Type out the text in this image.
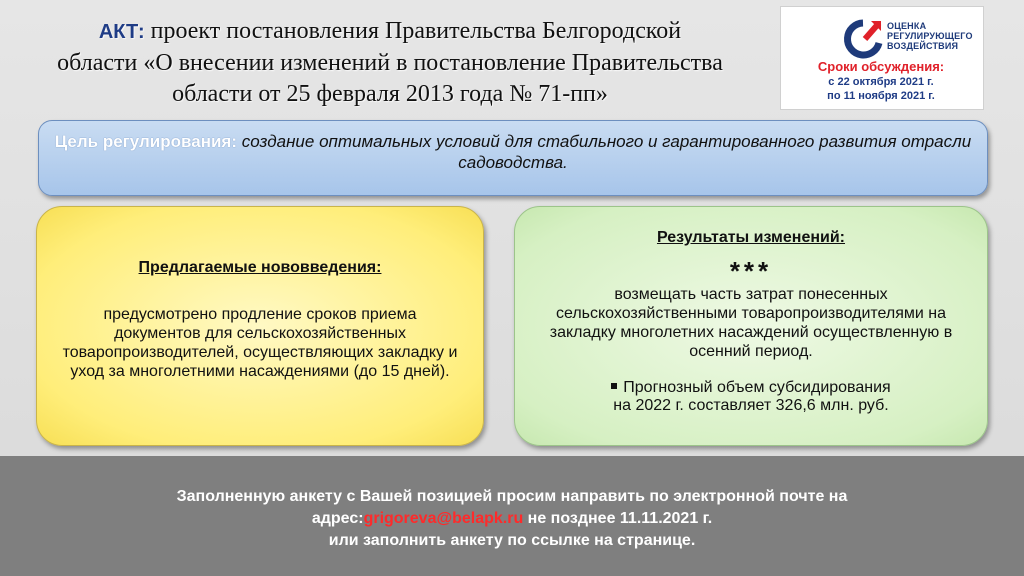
АКТ: проект постановления Правительства Белгородской
области «О внесении изменений в постановление Правительства
области от 25 февраля 2013 года № 71-пп»
ОЦЕНКА
РЕГУЛИРУЮЩЕГО
ВОЗДЕЙСТВИЯ
Сроки обсуждения:
с 22 октября 2021 г.
по 11 ноября 2021 г.
Цель регулирования: создание оптимальных условий для стабильного и гарантированного развития отрасли садоводства.
Предлагаемые нововведения:
предусмотрено продление сроков приема документов для сельскохозяйственных товаропроизводителей, осуществляющих закладку и уход за многолетними насаждениями (до 15 дней).
Результаты изменений:
***
возмещать часть затрат понесенных сельскохозяйственными товаропроизводителями на закладку многолетних насаждений осуществленную в осенний период.
Прогнозный объем субсидирования
на 2022 г. составляет 326,6 млн. руб.
Заполненную анкету с Вашей позицией просим направить по электронной почте на
адрес:grigoreva@belapk.ru не позднее 11.11.2021 г.
или заполнить анкету по ссылке на странице.
